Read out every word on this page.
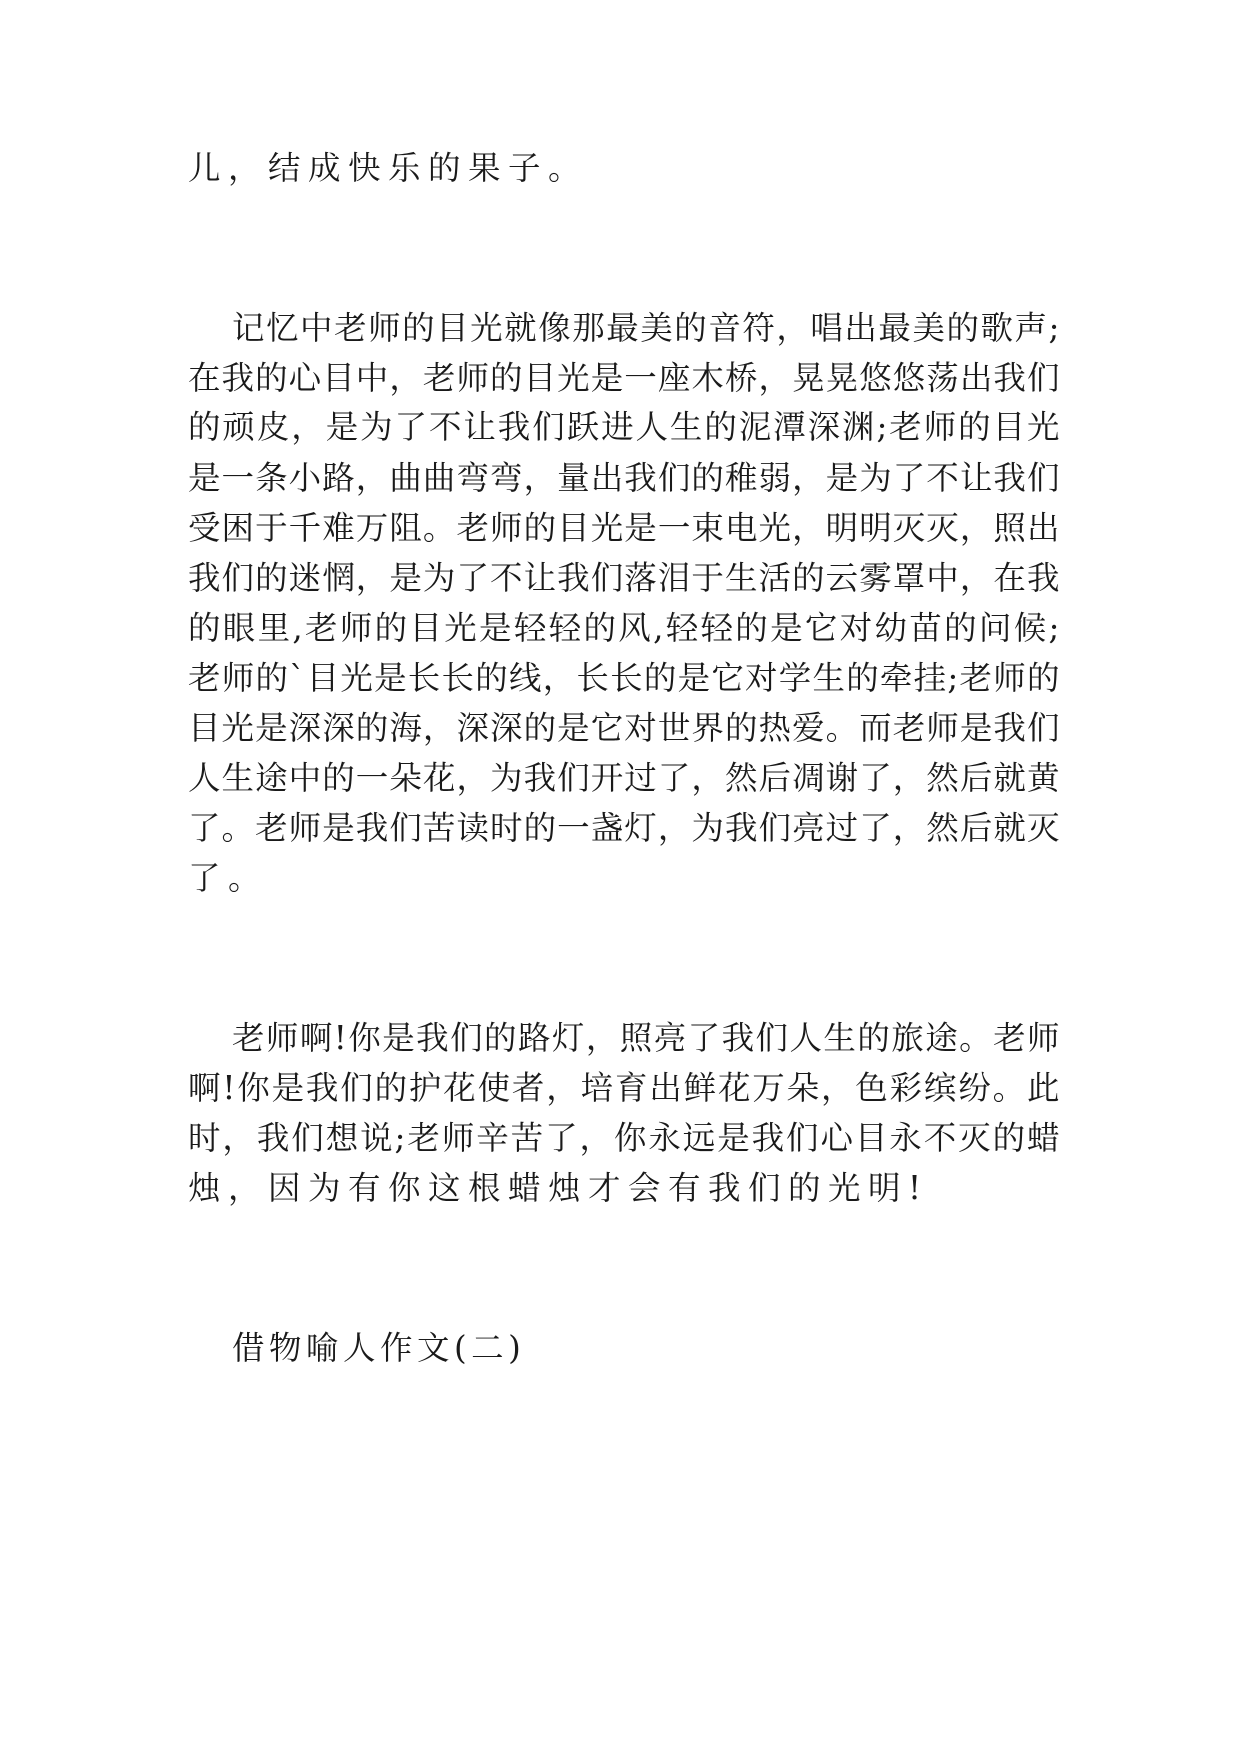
儿，结成快乐的果子。

记忆中老师的目光就像那最美的音符，唱出最美的歌声;

在我的心目中，老师的目光是一座木桥，晃晃悠悠荡出我们

的顽皮，是为了不让我们跃进人生的泥潭深渊;老师的目光

是一条小路，曲曲弯弯，量出我们的稚弱，是为了不让我们

受困于千难万阻。老师的目光是一束电光，明明灭灭，照出

我们的迷惘，是为了不让我们落泪于生活的云雾罩中，在我

的眼里,老师的目光是轻轻的风,轻轻的是它对幼苗的问候;

老师的`目光是长长的线，长长的是它对学生的牵挂;老师的

目光是深深的海，深深的是它对世界的热爱。而老师是我们

人生途中的一朵花，为我们开过了，然后凋谢了，然后就黄

了。老师是我们苦读时的一盏灯，为我们亮过了，然后就灭

了。

老师啊!你是我们的路灯，照亮了我们人生的旅途。老师

啊!你是我们的护花使者，培育出鲜花万朵，色彩缤纷。此

时，我们想说;老师辛苦了，你永远是我们心目永不灭的蜡

烛，因为有你这根蜡烛才会有我们的光明!

借物喻人作文(二)
